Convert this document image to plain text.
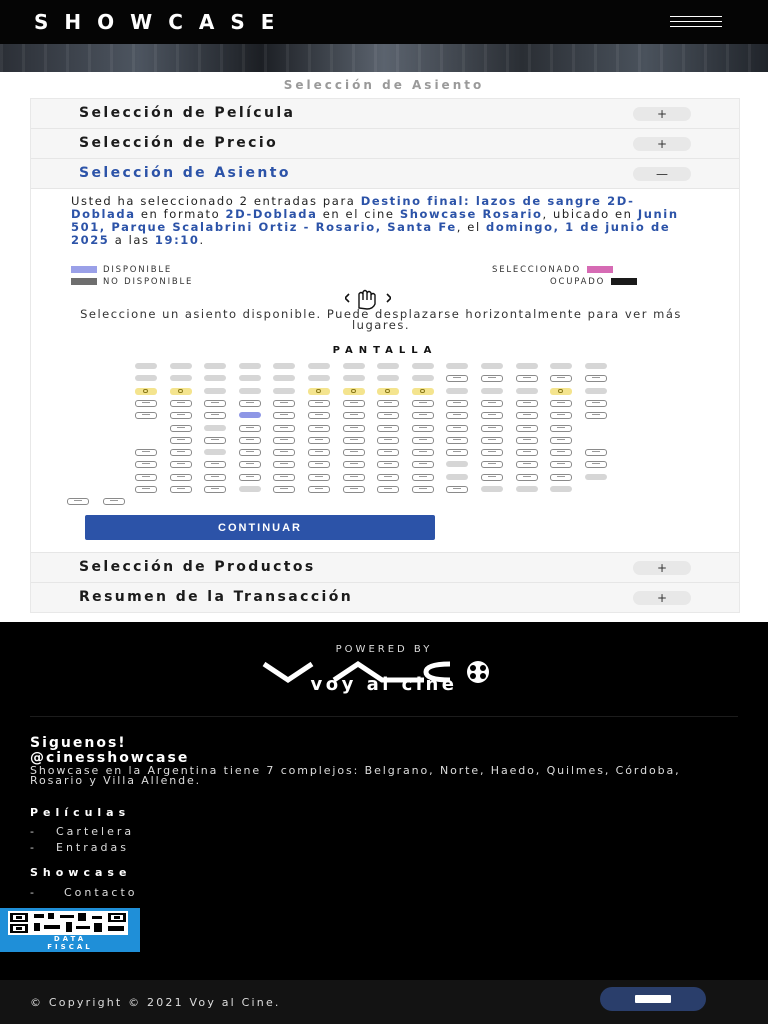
SHOWCASE
Selección de Asiento
Selección de Película	+
Selección de Precio	+
Selección de Asiento	—
Usted ha seleccionado 2 entradas para Destino final: lazos de sangre 2D-Doblada en formato 2D-Doblada en el cine Showcase Rosario, ubicado en Junin 501, Parque Scalabrini Ortiz - Rosario, Santa Fe, el domingo, 1 de junio de 2025 a las 19:10.
DISPONIBLE
NO DISPONIBLE
SELECCIONADO
OCUPADO
Seleccione un asiento disponible. Puede desplazarse horizontalmente para ver más lugares.
PANTALLA
CONTINUAR
Selección de Productos	+
Resumen de la Transacción	+
POWERED BY
voy al cine
Siguenos!
@cinesshowcase
Showcase en la Argentina tiene 7 complejos: Belgrano, Norte, Haedo, Quilmes, Córdoba, Rosario y Villa Allende.
Películas
- Cartelera
- Entradas
Showcase
- Contacto
DATA
FISCAL
© Copyright © 2021 Voy al Cine.
